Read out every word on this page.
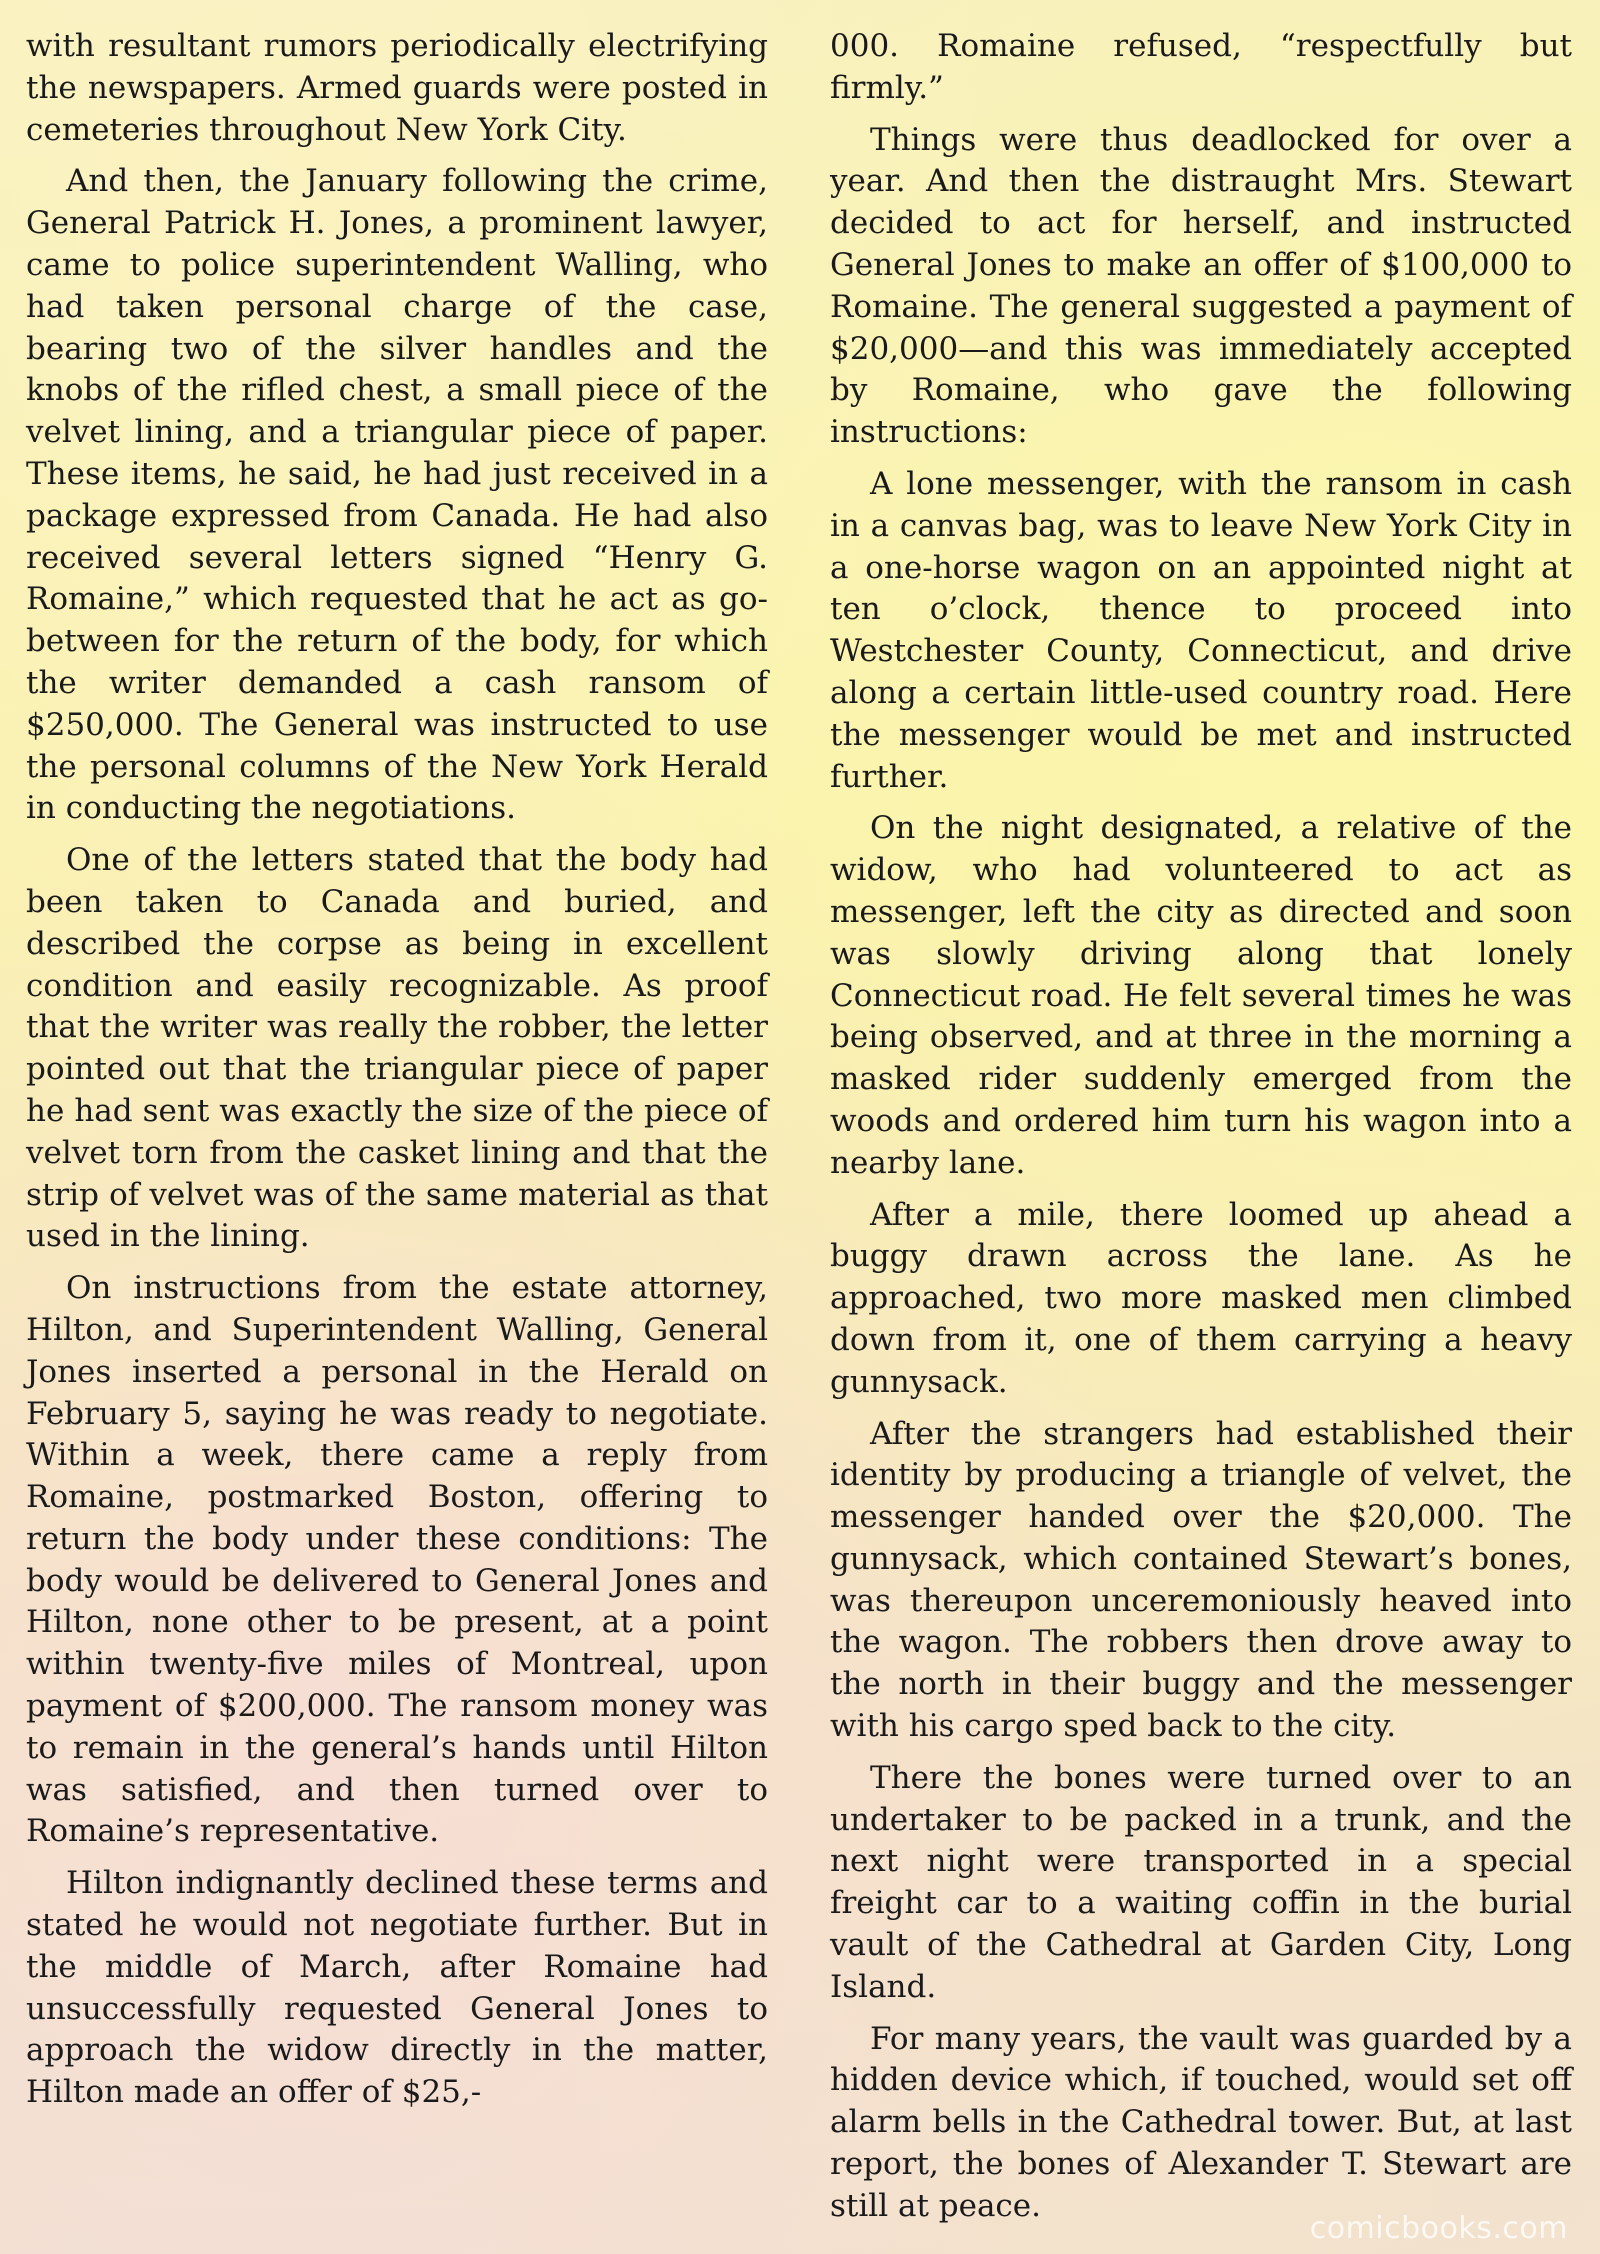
with resultant rumors periodically electrifying the newspapers. Armed guards were posted in cemeteries throughout New York City.

And then, the January following the crime, General Patrick H. Jones, a prominent lawyer, came to police superintendent Walling, who had taken personal charge of the case, bearing two of the silver handles and the knobs of the rifled chest, a small piece of the velvet lining, and a triangular piece of paper. These items, he said, he had just received in a package expressed from Canada. He had also received several letters signed “Henry G. Romaine,” which requested that he act as go-between for the return of the body, for which the writer demanded a cash ransom of $250,000. The General was instructed to use the personal columns of the New York Herald in conducting the negotiations.

One of the letters stated that the body had been taken to Canada and buried, and described the corpse as being in excellent condition and easily recognizable. As proof that the writer was really the robber, the letter pointed out that the triangular piece of paper he had sent was exactly the size of the piece of velvet torn from the casket lining and that the strip of velvet was of the same material as that used in the lining.

On instructions from the estate attorney, Hilton, and Superintendent Walling, General Jones inserted a personal in the Herald on February 5, saying he was ready to negotiate. Within a week, there came a reply from Romaine, postmarked Boston, offering to return the body under these conditions: The body would be delivered to General Jones and Hilton, none other to be present, at a point within twenty-five miles of Montreal, upon payment of $200,000. The ransom money was to remain in the general’s hands until Hilton was satisfied, and then turned over to Romaine’s representative.

Hilton indignantly declined these terms and stated he would not negotiate further. But in the middle of March, after Romaine had unsuccessfully requested General Jones to approach the widow directly in the matter, Hilton made an offer of $25,-

000. Romaine refused, “respectfully but firmly.”

Things were thus deadlocked for over a year. And then the distraught Mrs. Stewart decided to act for herself, and instructed General Jones to make an offer of $100,000 to Romaine. The general suggested a payment of $20,000—and this was immediately accepted by Romaine, who gave the following instructions:

A lone messenger, with the ransom in cash in a canvas bag, was to leave New York City in a one-horse wagon on an appointed night at ten o’clock, thence to proceed into Westchester County, Connecticut, and drive along a certain little-used country road. Here the messenger would be met and instructed further.

On the night designated, a relative of the widow, who had volunteered to act as messenger, left the city as directed and soon was slowly driving along that lonely Connecticut road. He felt several times he was being observed, and at three in the morning a masked rider suddenly emerged from the woods and ordered him turn his wagon into a nearby lane.

After a mile, there loomed up ahead a buggy drawn across the lane. As he approached, two more masked men climbed down from it, one of them carrying a heavy gunnysack.

After the strangers had established their identity by producing a triangle of velvet, the messenger handed over the $20,000. The gunnysack, which contained Stewart’s bones, was thereupon unceremoniously heaved into the wagon. The robbers then drove away to the north in their buggy and the messenger with his cargo sped back to the city.

There the bones were turned over to an undertaker to be packed in a trunk, and the next night were transported in a special freight car to a waiting coffin in the burial vault of the Cathedral at Garden City, Long Island.

For many years, the vault was guarded by a hidden device which, if touched, would set off alarm bells in the Cathedral tower. But, at last report, the bones of Alexander T. Stewart are still at peace.

comicbooks.com
